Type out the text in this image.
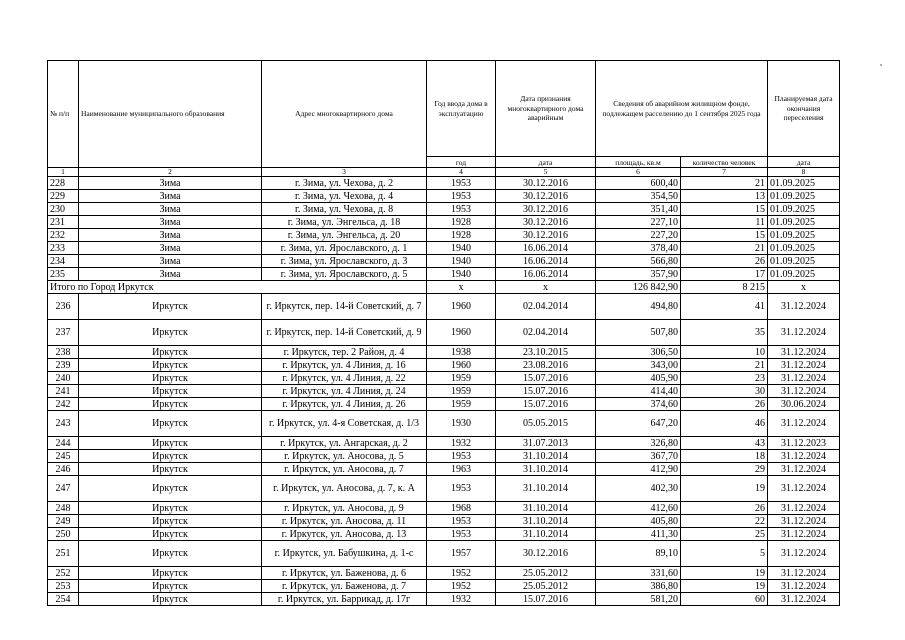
№ п/п	Наименование муниципального образования	Адрес многоквартирного дома	Год ввода дома в эксплуатацию	Дата признания многоквартирного дома аварийным	Сведения об аварийном жилищном фонде, подлежащем расселению до 1 сентября 2025 года		Планируемая дата окончания переселения
			год	дата	площадь, кв.м	количество человек	дата
1	2	3	4	5	6	7	8
228	Зима	г. Зима, ул. Чехова, д. 2	1953	30.12.2016	600,40	21	01.09.2025
229	Зима	г. Зима, ул. Чехова, д. 4	1953	30.12.2016	354,50	13	01.09.2025
230	Зима	г. Зима, ул. Чехова, д. 8	1953	30.12.2016	351,40	15	01.09.2025
231	Зима	г. Зима, ул. Энгельса, д. 18	1928	30.12.2016	227,10	11	01.09.2025
232	Зима	г. Зима, ул. Энгельса, д. 20	1928	30.12.2016	227,20	15	01.09.2025
233	Зима	г. Зима, ул. Ярославского, д. 1	1940	16.06.2014	378,40	21	01.09.2025
234	Зима	г. Зима, ул. Ярославского, д. 3	1940	16.06.2014	566,80	26	01.09.2025
235	Зима	г. Зима, ул. Ярославского, д. 5	1940	16.06.2014	357,90	17	01.09.2025
Итого по Город Иркутск			x	x	126 842,90	8 215	x
236	Иркутск	г. Иркутск, пер. 14-й Советский, д. 7	1960	02.04.2014	494,80	41	31.12.2024
237	Иркутск	г. Иркутск, пер. 14-й Советский, д. 9	1960	02.04.2014	507,80	35	31.12.2024
238	Иркутск	г. Иркутск, тер. 2 Район, д. 4	1938	23.10.2015	306,50	10	31.12.2024
239	Иркутск	г. Иркутск, ул. 4 Линия, д. 16	1960	23.08.2016	343,00	21	31.12.2024
240	Иркутск	г. Иркутск, ул. 4 Линия, д. 22	1959	15.07.2016	405,90	23	31.12.2024
241	Иркутск	г. Иркутск, ул. 4 Линия, д. 24	1959	15.07.2016	414,40	30	31.12.2024
242	Иркутск	г. Иркутск, ул. 4 Линия, д. 26	1959	15.07.2016	374,60	26	30.06.2024
243	Иркутск	г. Иркутск, ул. 4-я Советская, д. 1/3	1930	05.05.2015	647,20	46	31.12.2024
244	Иркутск	г. Иркутск, ул. Ангарская, д. 2	1932	31.07.2013	326,80	43	31.12.2023
245	Иркутск	г. Иркутск, ул. Аносова, д. 5	1953	31.10.2014	367,70	18	31.12.2024
246	Иркутск	г. Иркутск, ул. Аносова, д. 7	1963	31.10.2014	412,90	29	31.12.2024
247	Иркутск	г. Иркутск, ул. Аносова, д. 7, к. А	1953	31.10.2014	402,30	19	31.12.2024
248	Иркутск	г. Иркутск, ул. Аносова, д. 9	1968	31.10.2014	412,60	26	31.12.2024
249	Иркутск	г. Иркутск, ул. Аносова, д. 11	1953	31.10.2014	405,80	22	31.12.2024
250	Иркутск	г. Иркутск, ул. Аносова, д. 13	1953	31.10.2014	411,30	25	31.12.2024
251	Иркутск	г. Иркутск, ул. Бабушкина, д. 1-с	1957	30.12.2016	89,10	5	31.12.2024
252	Иркутск	г. Иркутск, ул. Баженова, д. 6	1952	25.05.2012	331,60	19	31.12.2024
253	Иркутск	г. Иркутск, ул. Баженова, д. 7	1952	25.05.2012	386,80	19	31.12.2024
254	Иркутск	г. Иркутск, ул. Баррикад, д. 17г	1932	15.07.2016	581,20	60	31.12.2024
